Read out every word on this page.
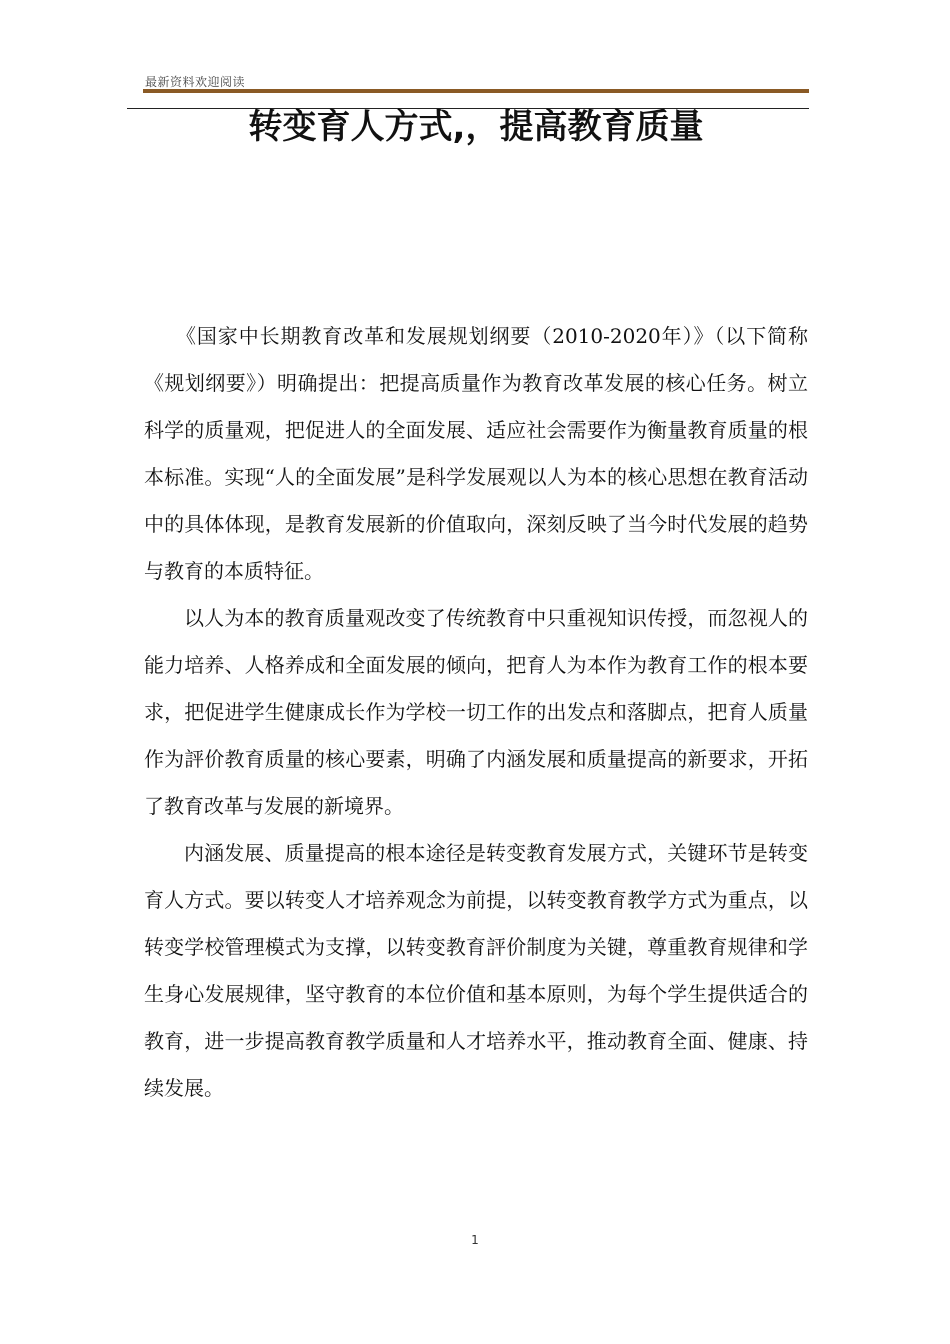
最新资料欢迎阅读
转变育人方式,，提高教育质量

《国家中长期教育改革和发展规划纲要（2010-2020年）》（以下简称《规划纲要》）明确提出：把提高质量作为教育改革发展的核心任务。树立科学的质量观，把促进人的全面发展、适应社会需要作为衡量教育质量的根本标准。实现“人的全面发展”是科学发展观以人为本的核心思想在教育活动中的具体体现，是教育发展新的价值取向，深刻反映了当今时代发展的趋势与教育的本质特征。

以人为本的教育质量观改变了传统教育中只重视知识传授，而忽视人的能力培养、人格养成和全面发展的倾向，把育人为本作为教育工作的根本要求，把促进学生健康成长作为学校一切工作的出发点和落脚点，把育人质量作为評价教育质量的核心要素，明确了内涵发展和质量提高的新要求，开拓了教育改革与发展的新境界。

内涵发展、质量提高的根本途径是转变教育发展方式，关键环节是转变育人方式。要以转变人才培养观念为前提，以转变教育教学方式为重点，以转变学校管理模式为支撑，以转变教育評价制度为关键，尊重教育规律和学生身心发展规律，坚守教育的本位价值和基本原则，为每个学生提供适合的教育，进一步提高教育教学质量和人才培养水平，推动教育全面、健康、持续发展。

1
